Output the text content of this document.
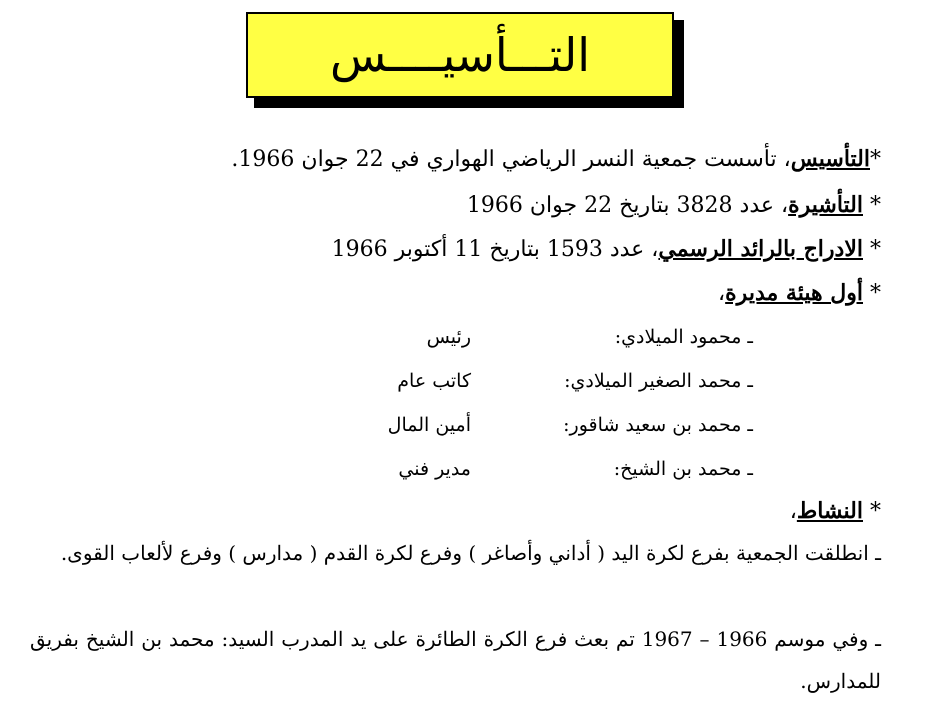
التـــأسيــــس
*التأسيس، تأسست جمعية النسر الرياضي الهواري في 22 جوان 1966.
* التأشيرة، عدد 3828 بتاريخ 22 جوان 1966
* الادراج بالرائد الرسمي، عدد 1593 بتاريخ 11 أكتوبر 1966
* أول هيئة مديرة،
ـ محمود الميلادي:
رئيس
ـ محمد الصغير الميلادي:
كاتب عام
ـ محمد بن سعيد شاقور:
أمين المال
ـ محمد بن الشيخ:
مدير فني
* النشاط،
ـ انطلقت الجمعية بفرع لكرة اليد ( أداني وأصاغر ) وفرع لكرة القدم ( مدارس ) وفرع لألعاب القوى.
ـ وفي موسم 1966 – 1967 تم بعث فرع الكرة الطائرة على يد المدرب السيد: محمد بن الشيخ بفريق للمدارس.
